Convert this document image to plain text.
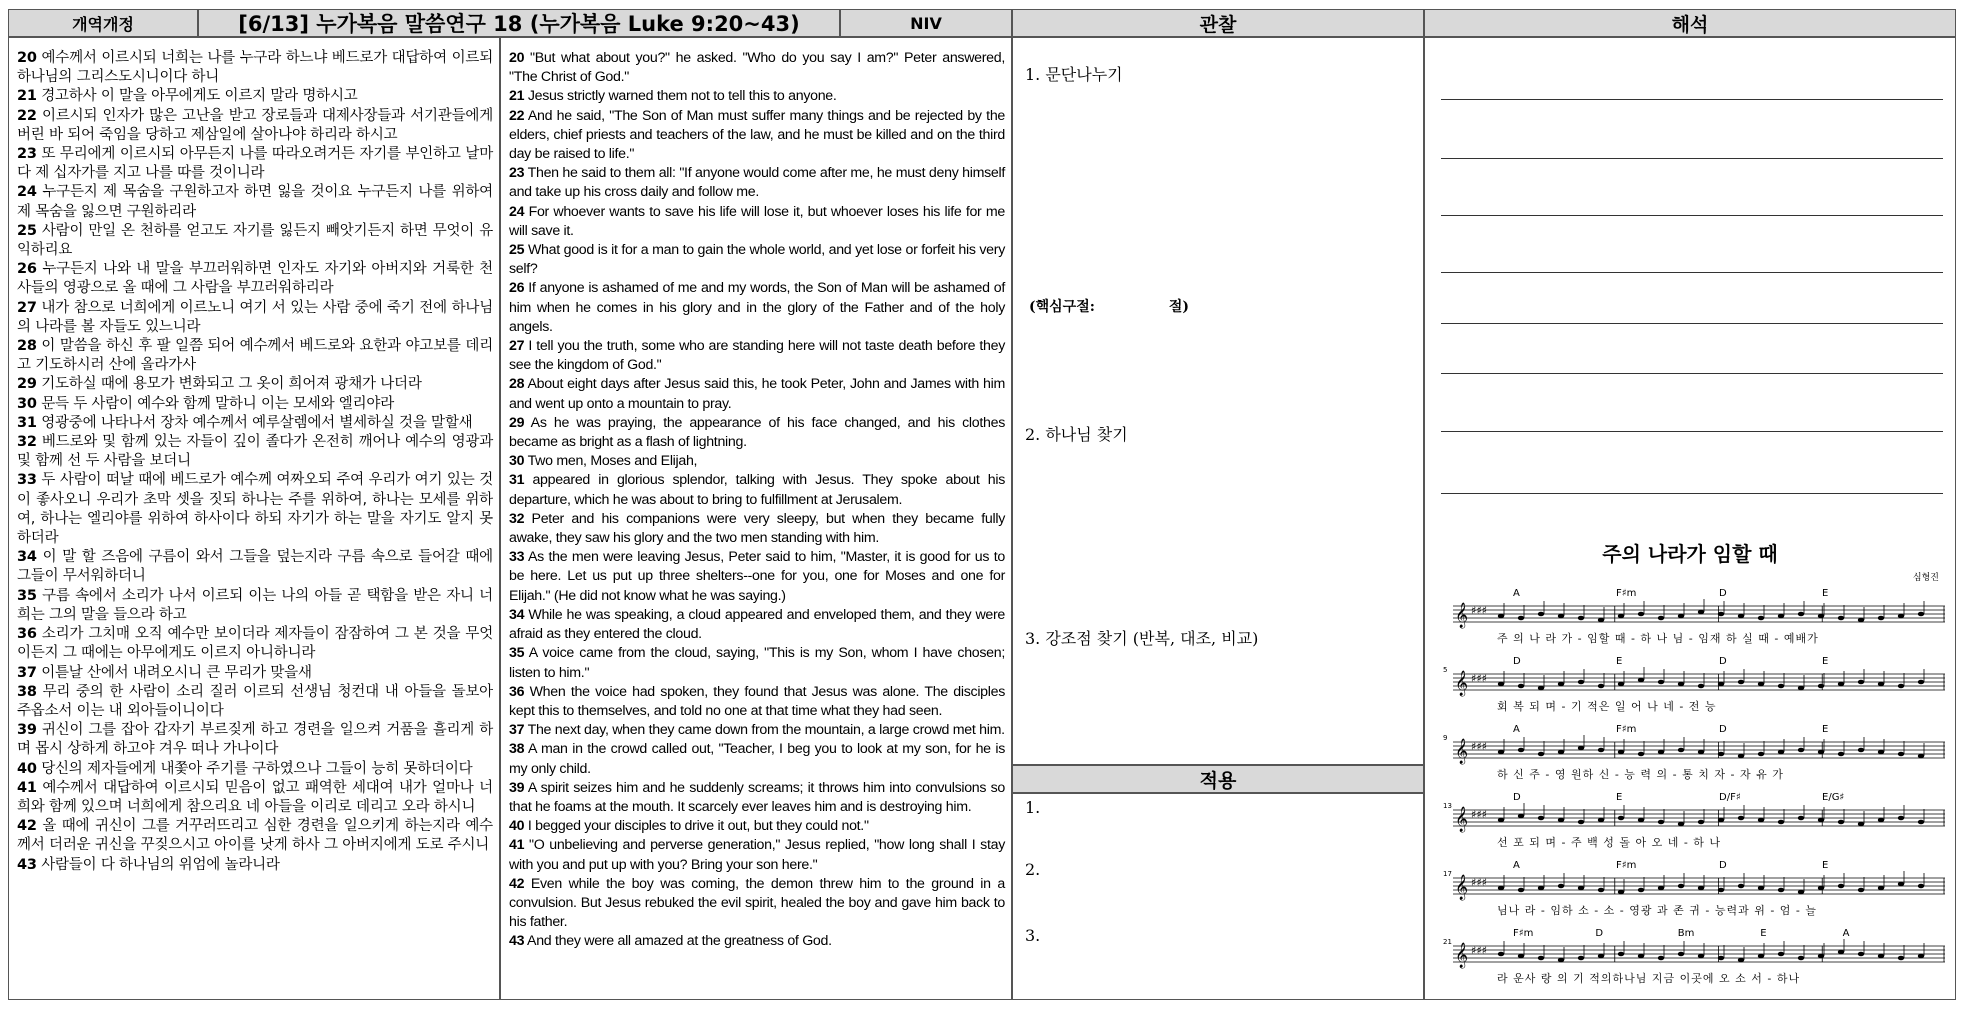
개역개정	[6/13] 누가복음 말씀연구 18 (누가복음 Luke 9:20~43)	NIV	관찰	해석
20 예수께서 이르시되 너희는 나를 누구라 하느냐 베드로가 대답하여 이르되 하나님의 그리스도시니이다 하니
21 경고하사 이 말을 아무에게도 이르지 말라 명하시고
22 이르시되 인자가 많은 고난을 받고 장로들과 대제사장들과 서기관들에게 버린 바 되어 죽임을 당하고 제삼일에 살아나야 하리라 하시고
23 또 무리에게 이르시되 아무든지 나를 따라오려거든 자기를 부인하고 날마다 제 십자가를 지고 나를 따를 것이니라
24 누구든지 제 목숨을 구원하고자 하면 잃을 것이요 누구든지 나를 위하여 제 목숨을 잃으면 구원하리라
25 사람이 만일 온 천하를 얻고도 자기를 잃든지 빼앗기든지 하면 무엇이 유익하리요
26 누구든지 나와 내 말을 부끄러워하면 인자도 자기와 아버지와 거룩한 천사들의 영광으로 올 때에 그 사람을 부끄러워하리라
27 내가 참으로 너희에게 이르노니 여기 서 있는 사람 중에 죽기 전에 하나님의 나라를 볼 자들도 있느니라
28 이 말씀을 하신 후 팔 일쯤 되어 예수께서 베드로와 요한과 야고보를 데리고 기도하시러 산에 올라가사
29 기도하실 때에 용모가 변화되고 그 옷이 희어져 광채가 나더라
30 문득 두 사람이 예수와 함께 말하니 이는 모세와 엘리야라
31 영광중에 나타나서 장차 예수께서 예루살렘에서 별세하실 것을 말할새
32 베드로와 및 함께 있는 자들이 깊이 졸다가 온전히 깨어나 예수의 영광과 및 함께 선 두 사람을 보더니
33 두 사람이 떠날 때에 베드로가 예수께 여짜오되 주여 우리가 여기 있는 것이 좋사오니 우리가 초막 셋을 짓되 하나는 주를 위하여, 하나는 모세를 위하여, 하나는 엘리야를 위하여 하사이다 하되 자기가 하는 말을 자기도 알지 못하더라
34 이 말 할 즈음에 구름이 와서 그들을 덮는지라 구름 속으로 들어갈 때에 그들이 무서워하더니
35 구름 속에서 소리가 나서 이르되 이는 나의 아들 곧 택함을 받은 자니 너희는 그의 말을 들으라 하고
36 소리가 그치매 오직 예수만 보이더라 제자들이 잠잠하여 그 본 것을 무엇이든지 그 때에는 아무에게도 이르지 아니하니라
37 이튿날 산에서 내려오시니 큰 무리가 맞을새
38 무리 중의 한 사람이 소리 질러 이르되 선생님 청컨대 내 아들을 돌보아 주옵소서 이는 내 외아들이니이다
39 귀신이 그를 잡아 갑자기 부르짖게 하고 경련을 일으켜 거품을 흘리게 하며 몹시 상하게 하고야 겨우 떠나 가나이다
40 당신의 제자들에게 내쫓아 주기를 구하였으나 그들이 능히 못하더이다
41 예수께서 대답하여 이르시되 믿음이 없고 패역한 세대여 내가 얼마나 너희와 함께 있으며 너희에게 참으리요 네 아들을 이리로 데리고 오라 하시니
42 올 때에 귀신이 그를 거꾸러뜨리고 심한 경련을 일으키게 하는지라 예수께서 더러운 귀신을 꾸짖으시고 아이를 낫게 하사 그 아버지에게 도로 주시니
43 사람들이 다 하나님의 위엄에 놀라니라
20 "But what about you?" he asked. "Who do you say I am?" Peter answered, "The Christ of God."
21 Jesus strictly warned them not to tell this to anyone.
22 And he said, "The Son of Man must suffer many things and be rejected by the elders, chief priests and teachers of the law, and he must be killed and on the third day be raised to life."
23 Then he said to them all: "If anyone would come after me, he must deny himself and take up his cross daily and follow me.
24 For whoever wants to save his life will lose it, but whoever loses his life for me will save it.
25 What good is it for a man to gain the whole world, and yet lose or forfeit his very self?
26 If anyone is ashamed of me and my words, the Son of Man will be ashamed of him when he comes in his glory and in the glory of the Father and of the holy angels.
27 I tell you the truth, some who are standing here will not taste death before they see the kingdom of God."
28 About eight days after Jesus said this, he took Peter, John and James with him and went up onto a mountain to pray.
29 As he was praying, the appearance of his face changed, and his clothes became as bright as a flash of lightning.
30 Two men, Moses and Elijah,
31 appeared in glorious splendor, talking with Jesus. They spoke about his departure, which he was about to bring to fulfillment at Jerusalem.
32 Peter and his companions were very sleepy, but when they became fully awake, they saw his glory and the two men standing with him.
33 As the men were leaving Jesus, Peter said to him, "Master, it is good for us to be here. Let us put up three shelters--one for you, one for Moses and one for Elijah." (He did not know what he was saying.)
34 While he was speaking, a cloud appeared and enveloped them, and they were afraid as they entered the cloud.
35 A voice came from the cloud, saying, "This is my Son, whom I have chosen; listen to him."
36 When the voice had spoken, they found that Jesus was alone. The disciples kept this to themselves, and told no one at that time what they had seen.
37 The next day, when they came down from the mountain, a large crowd met him.
38 A man in the crowd called out, "Teacher, I beg you to look at my son, for he is my only child.
39 A spirit seizes him and he suddenly screams; it throws him into convulsions so that he foams at the mouth. It scarcely ever leaves him and is destroying him.
40 I begged your disciples to drive it out, but they could not."
41 "O unbelieving and perverse generation," Jesus replied, "how long shall I stay with you and put up with you? Bring your son here."
42 Even while the boy was coming, the demon threw him to the ground in a convulsion. But Jesus rebuked the evil spirit, healed the boy and gave him back to his father.
43 And they were all amazed at the greatness of God.
1. 문단나누기
(핵심구절:	절)
2. 하나님 찾기
3. 강조점 찾기 (반복, 대조, 비교)
적용
1.
2.
3.
주의 나라가 임할 때
심형진
𝄞 ♯♯♯
A	F♯m	D	E
주 의 나 라 가 - 임할 때 - 하 나 님 - 임재 하 실 때 - 예배가
𝄞 ♯♯♯
5
D	E	D	E
회 복 되 며 - 기 적은 일 어 나 네 - 전 능
𝄞 ♯♯♯
9
A	F♯m	D	E
하 신 주 - 영 원하 신 - 능 력 의 - 통 치 자 - 자 유 가
𝄞 ♯♯♯
13
D	E	D/F♯	E/G♯
선 포 되 며 - 주 백 성 돌 아 오 네 - 하 나
𝄞 ♯♯♯
17
A	F♯m	D	E
님나 라 - 임하 소 - 소 - 영광 과 존 귀 - 능력과 위 - 엄 - 늘
𝄞 ♯♯♯
21
F♯m	D	Bm	E	A
라 운사 랑 의 기 적의하나님 지금 이곳에 오 소 서 - 하나
